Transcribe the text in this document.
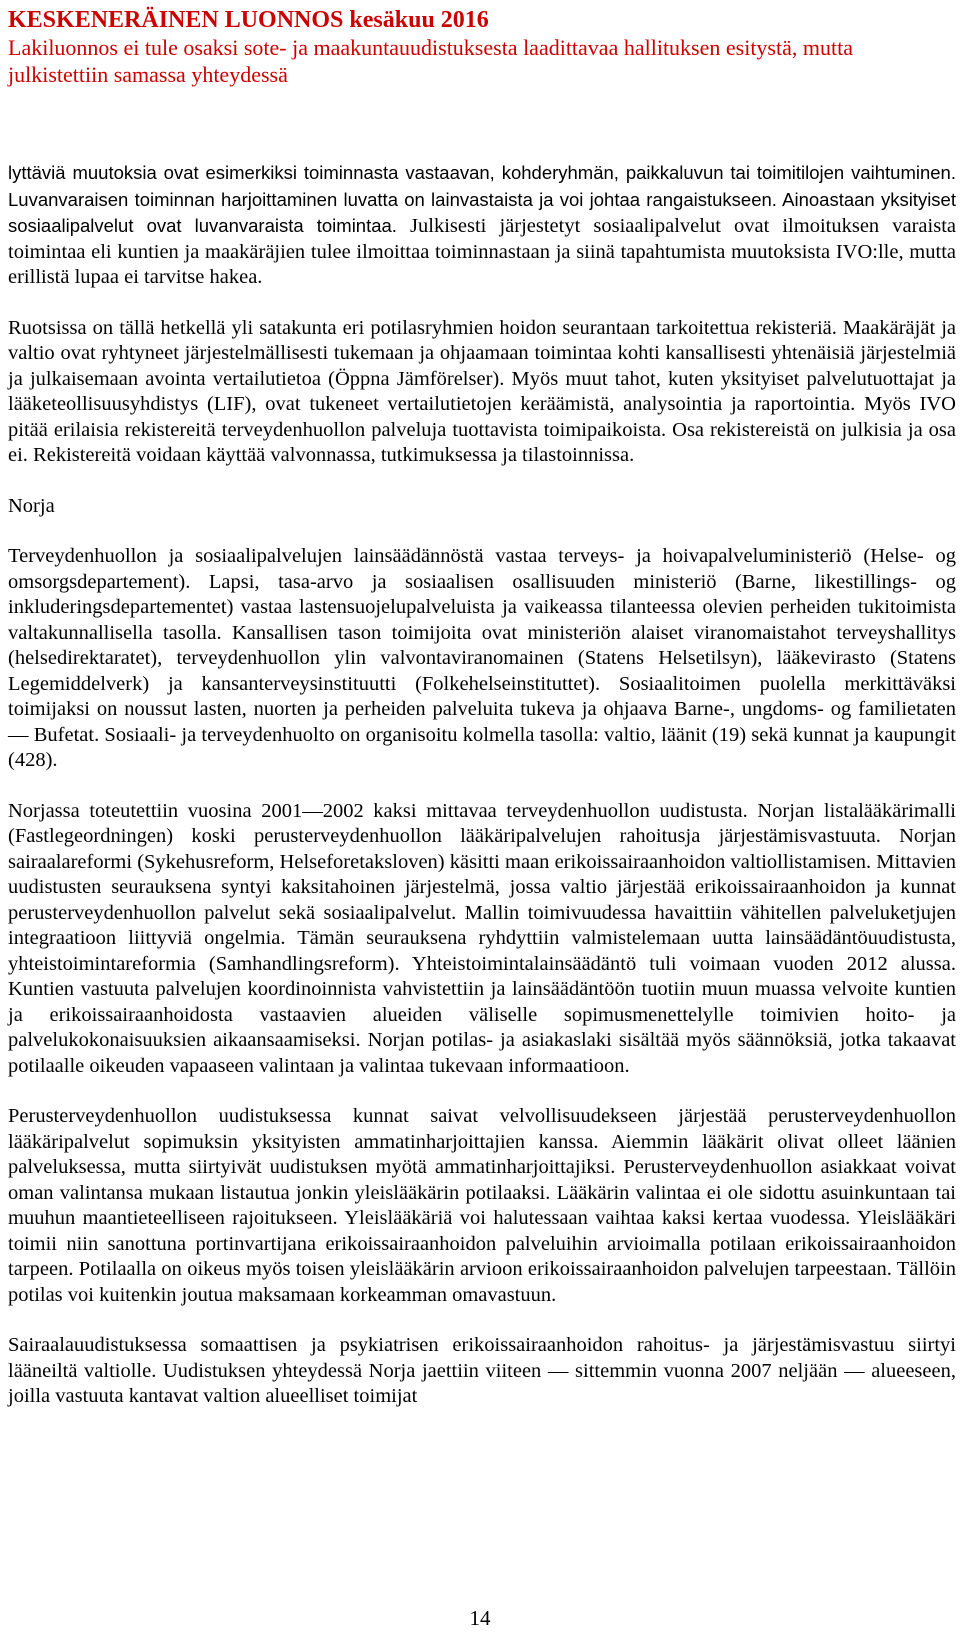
KESKENERÄINEN LUONNOS kesäkuu 2016

Lakiluonnos ei tule osaksi sote- ja maakuntauudistuksesta laadittavaa hallituksen esitystä, mutta julkistettiin samassa yhteydessä

lyttäviä muutoksia ovat esimerkiksi toiminnasta vastaavan, kohderyhmän, paikkaluvun tai toimitilojen vaihtuminen. Luvanvaraisen toiminnan harjoittaminen luvatta on lainvastaista ja voi johtaa rangaistukseen. Ainoastaan yksityiset sosiaalipalvelut ovat luvanvaraista toimintaa. Julkisesti järjestetyt sosiaalipalvelut ovat ilmoituksen varaista toimintaa eli kuntien ja maakäräjien tulee ilmoittaa toiminnastaan ja siinä tapahtumista muutoksista IVO:lle, mutta erillistä lupaa ei tarvitse hakea.

Ruotsissa on tällä hetkellä yli satakunta eri potilasryhmien hoidon seurantaan tarkoitettua rekisteriä. Maakäräjät ja valtio ovat ryhtyneet järjestelmällisesti tukemaan ja ohjaamaan toimintaa kohti kansallisesti yhtenäisiä järjestelmiä ja julkaisemaan avointa vertailutietoa (Öppna Jämförelser). Myös muut tahot, kuten yksityiset palvelutuottajat ja lääketeollisuusyhdistys (LIF), ovat tukeneet vertailutietojen keräämistä, analysointia ja raportointia. Myös IVO pitää erilaisia rekistereitä terveydenhuollon palveluja tuottavista toimipaikoista. Osa rekistereistä on julkisia ja osa ei. Rekistereitä voidaan käyttää valvonnassa, tutkimuksessa ja tilastoinnissa.

Norja

Terveydenhuollon ja sosiaalipalvelujen lainsäädännöstä vastaa terveys- ja hoivapalveluministeriö (Helse- og omsorgsdepartement). Lapsi, tasa-arvo ja sosiaalisen osallisuuden ministeriö (Barne, likestillings- og inkluderingsdepartementet) vastaa lastensuojelupalveluista ja vaikeassa tilanteessa olevien perheiden tukitoimista valtakunnallisella tasolla. Kansallisen tason toimijoita ovat ministeriön alaiset viranomaistahot terveyshallitys (helsedirektaratet), terveydenhuollon ylin valvontaviranomainen (Statens Helsetilsyn), lääkevirasto (Statens Legemiddelverk) ja kansanterveysinstituutti (Folkehelseinstituttet). Sosiaalitoimen puolella merkittäväksi toimijaksi on noussut lasten, nuorten ja perheiden palveluita tukeva ja ohjaava Barne-, ungdoms- og familietaten — Bufetat. Sosiaali- ja terveydenhuolto on organisoitu kolmella tasolla: valtio, läänit (19) sekä kunnat ja kaupungit (428).

Norjassa toteutettiin vuosina 2001—2002 kaksi mittavaa terveydenhuollon uudistusta. Norjan listalääkärimalli (Fastlegeordningen) koski perusterveydenhuollon lääkäripalvelujen rahoitusja järjestämisvastuuta. Norjan sairaalareformi (Sykehusreform, Helseforetaksloven) käsitti maan erikoissairaanhoidon valtiollistamisen. Mittavien uudistusten seurauksena syntyi kaksitahoinen järjestelmä, jossa valtio järjestää erikoissairaanhoidon ja kunnat perusterveydenhuollon palvelut sekä sosiaalipalvelut. Mallin toimivuudessa havaittiin vähitellen palveluketjujen integraatioon liittyviä ongelmia. Tämän seurauksena ryhdyttiin valmistelemaan uutta lainsäädäntöuudistusta, yhteistoimintareformia (Samhandlingsreform). Yhteistoimintalainsäädäntö tuli voimaan vuoden 2012 alussa. Kuntien vastuuta palvelujen koordinoinnista vahvistettiin ja lainsäädäntöön tuotiin muun muassa velvoite kuntien ja erikoissairaanhoidosta vastaavien alueiden väliselle sopimusmenettelylle toimivien hoito- ja palvelukokonaisuuksien aikaansaamiseksi. Norjan potilas- ja asiakaslaki sisältää myös säännöksiä, jotka takaavat potilaalle oikeuden vapaaseen valintaan ja valintaa tukevaan informaatioon.

Perusterveydenhuollon uudistuksessa kunnat saivat velvollisuudekseen järjestää perusterveydenhuollon lääkäripalvelut sopimuksin yksityisten ammatinharjoittajien kanssa. Aiemmin lääkärit olivat olleet läänien palveluksessa, mutta siirtyivät uudistuksen myötä ammatinharjoittajiksi. Perusterveydenhuollon asiakkaat voivat oman valintansa mukaan listautua jonkin yleislääkärin potilaaksi. Lääkärin valintaa ei ole sidottu asuinkuntaan tai muuhun maantieteelliseen rajoitukseen. Yleislääkäriä voi halutessaan vaihtaa kaksi kertaa vuodessa. Yleislääkäri toimii niin sanottuna portinvartijana erikoissairaanhoidon palveluihin arvioimalla potilaan erikoissairaanhoidon tarpeen. Potilaalla on oikeus myös toisen yleislääkärin arvioon erikoissairaanhoidon palvelujen tarpeestaan. Tällöin potilas voi kuitenkin joutua maksamaan korkeamman omavastuun.

Sairaalauudistuksessa somaattisen ja psykiatrisen erikoissairaanhoidon rahoitus- ja järjestämisvastuu siirtyi lääneiltä valtiolle. Uudistuksen yhteydessä Norja jaettiin viiteen — sittemmin vuonna 2007 neljään — alueeseen, joilla vastuuta kantavat valtion alueelliset toimijat

14
